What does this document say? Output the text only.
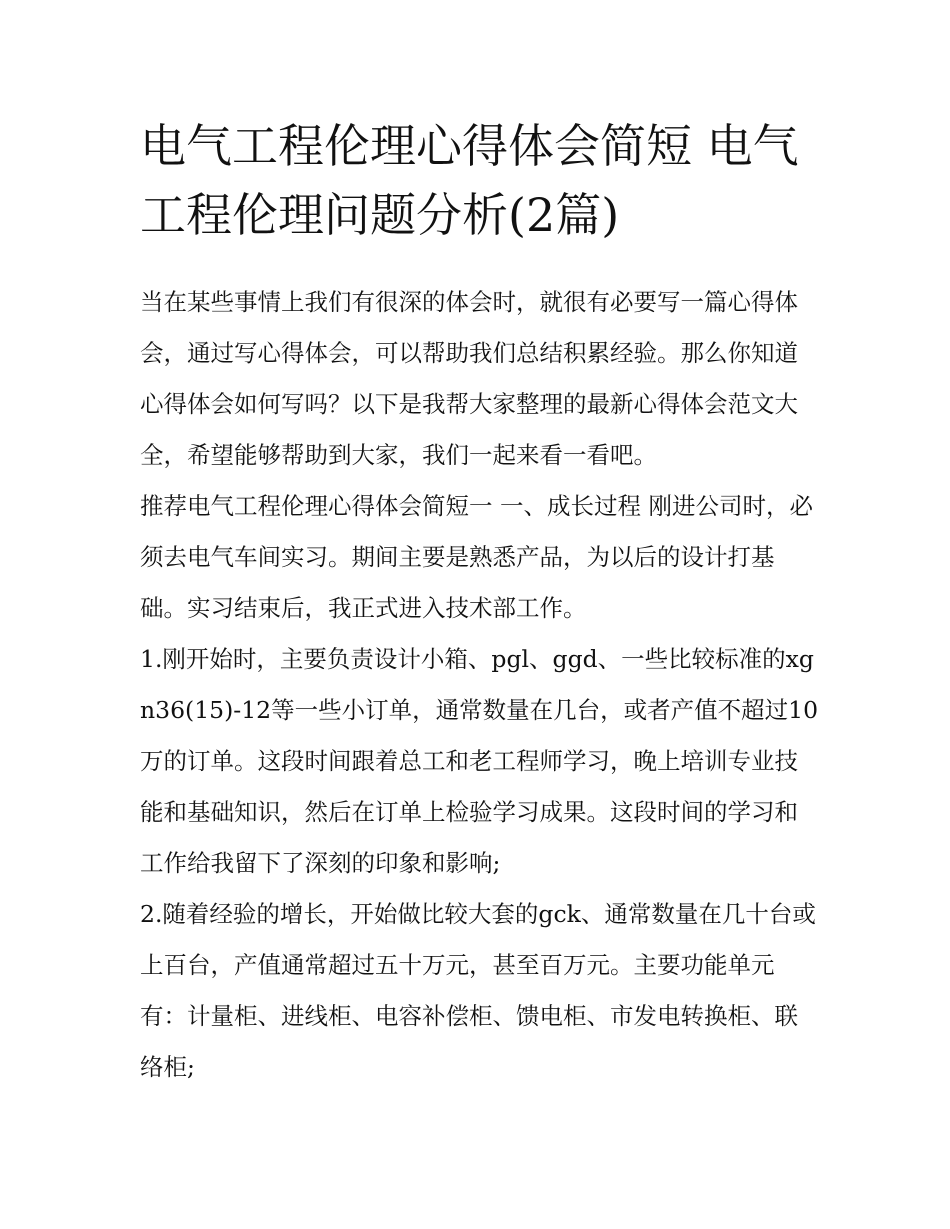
电气工程伦理心得体会简短 电气工程伦理问题分析(2篇)

当在某些事情上我们有很深的体会时，就很有必要写一篇心得体会，通过写心得体会，可以帮助我们总结积累经验。那么你知道心得体会如何写吗？以下是我帮大家整理的最新心得体会范文大全，希望能够帮助到大家，我们一起来看一看吧。

推荐电气工程伦理心得体会简短一 一、成长过程 刚进公司时，必须去电气车间实习。期间主要是熟悉产品，为以后的设计打基础。实习结束后，我正式进入技术部工作。

1.刚开始时，主要负责设计小箱、pgl、ggd、一些比较标准的xgn36(15)-12等一些小订单，通常数量在几台，或者产值不超过10万的订单。这段时间跟着总工和老工程师学习，晚上培训专业技能和基础知识，然后在订单上检验学习成果。这段时间的学习和工作给我留下了深刻的印象和影响;

2.随着经验的增长，开始做比较大套的gck、通常数量在几十台或上百台，产值通常超过五十万元，甚至百万元。主要功能单元有：计量柜、进线柜、电容补偿柜、馈电柜、市发电转换柜、联络柜;
